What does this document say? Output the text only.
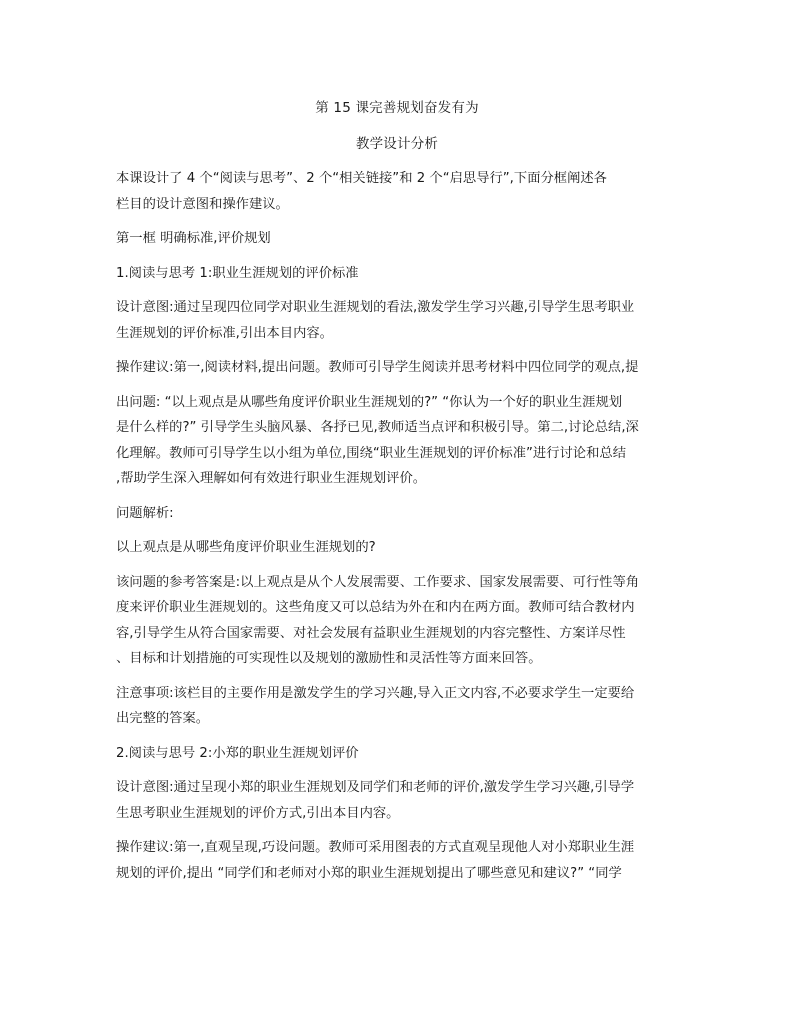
第 15 课完善规划奋发有为
教学设计分析
本课设计了 4 个“阅读与思考”、2 个“相关链接”和 2 个“启思导行”,下面分框阐述各
栏目的设计意图和操作建议。
第一框 明确标准,评价规划
1.阅读与思考 1:职业生涯规划的评价标准
设计意图:通过呈现四位同学对职业生涯规划的看法,激发学生学习兴趣,引导学生思考职业
生涯规划的评价标准,引出本目内容。
操作建议:第一,阅读材料,提出问题。教师可引导学生阅读并思考材料中四位同学的观点,提
出问题: “以上观点是从哪些角度评价职业生涯规划的?” “你认为一个好的职业生涯规划
是什么样的?” 引导学生头脑风暴、各抒已见,教师适当点评和积极引导。第二,讨论总结,深
化理解。教师可引导学生以小组为单位,围绕“职业生涯规划的评价标准”进行讨论和总结
,帮助学生深入理解如何有效进行职业生涯规划评价。
问题解析:
以上观点是从哪些角度评价职业生涯规划的?
该问题的参考答案是:以上观点是从个人发展需要、工作要求、国家发展需要、可行性等角
度来评价职业生涯规划的。这些角度又可以总结为外在和内在两方面。教师可结合教材内
容,引导学生从符合国家需要、对社会发展有益职业生涯规划的内容完整性、方案详尽性
、目标和计划措施的可实现性以及规划的激励性和灵活性等方面来回答。
注意事项:该栏目的主要作用是激发学生的学习兴趣,导入正文内容,不必要求学生一定要给
出完整的答案。
2.阅读与思号 2:小郑的职业生涯规划评价
设计意图:通过呈现小郑的职业生涯规划及同学们和老师的评价,激发学生学习兴趣,引导学
生思考职业生涯规划的评价方式,引出本目内容。
操作建议:第一,直观呈现,巧设问题。教师可采用图表的方式直观呈现他人对小郑职业生涯
规划的评价,提出 “同学们和老师对小郑的职业生涯规划提出了哪些意见和建议?” “同学
